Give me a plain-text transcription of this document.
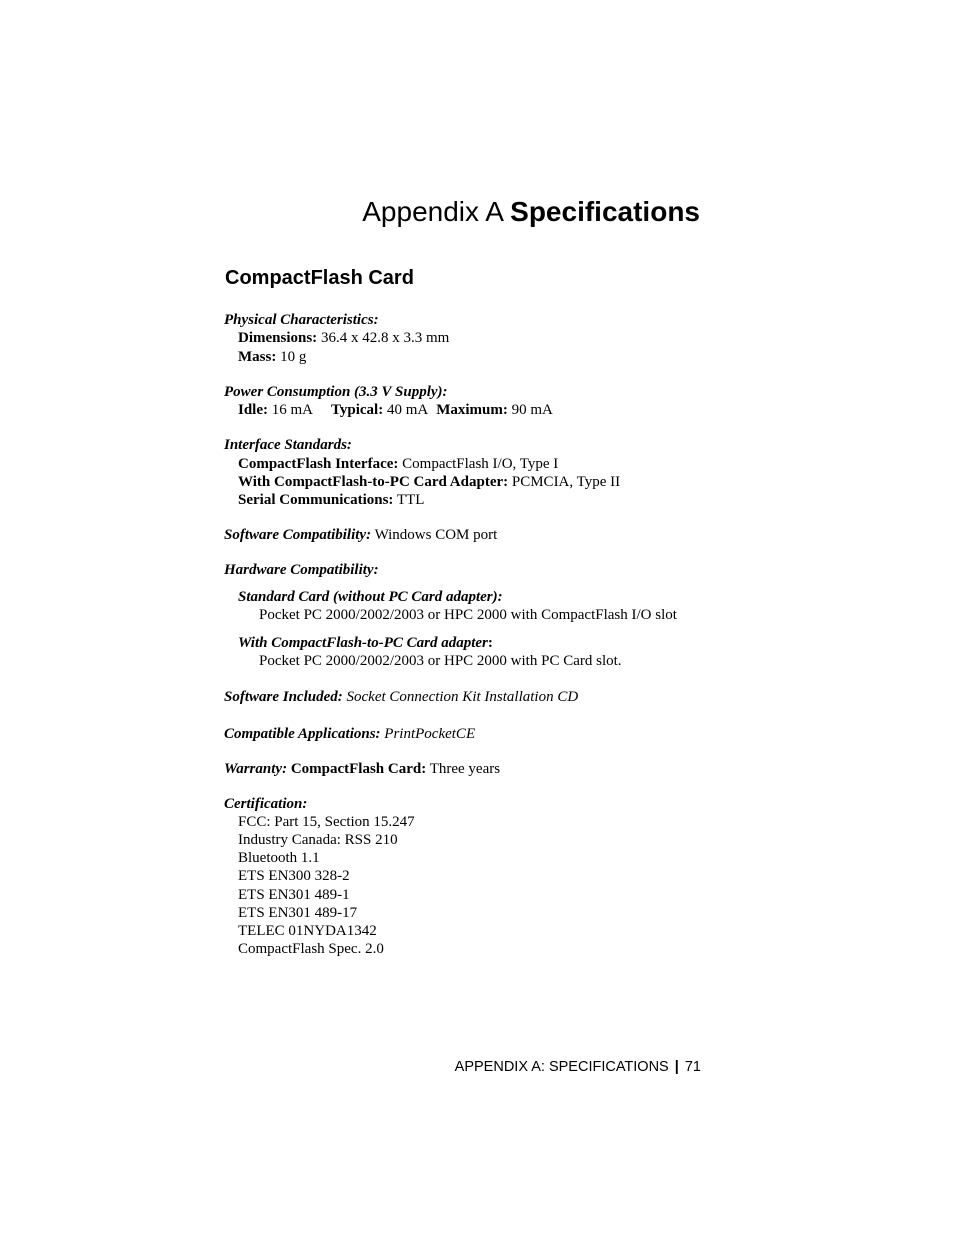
Appendix A Specifications
CompactFlash Card
Physical Characteristics:
Dimensions: 36.4 x 42.8 x 3.3 mm
Mass: 10 g
Power Consumption (3.3 V Supply):
Idle: 16 mA Typical: 40 mA Maximum: 90 mA
Interface Standards:
CompactFlash Interface: CompactFlash I/O, Type I
With CompactFlash-to-PC Card Adapter: PCMCIA, Type II
Serial Communications: TTL
Software Compatibility: Windows COM port
Hardware Compatibility:
Standard Card (without PC Card adapter):
Pocket PC 2000/2002/2003 or HPC 2000 with CompactFlash I/O slot
With CompactFlash-to-PC Card adapter:
Pocket PC 2000/2002/2003 or HPC 2000 with PC Card slot.
Software Included: Socket Connection Kit Installation CD
Compatible Applications: PrintPocketCE
Warranty: CompactFlash Card: Three years
Certification:
FCC: Part 15, Section 15.247
Industry Canada: RSS 210
Bluetooth 1.1
ETS EN300 328-2
ETS EN301 489-1
ETS EN301 489-17
TELEC 01NYDA1342
CompactFlash Spec. 2.0
APPENDIX A: SPECIFICATIONS | 71
